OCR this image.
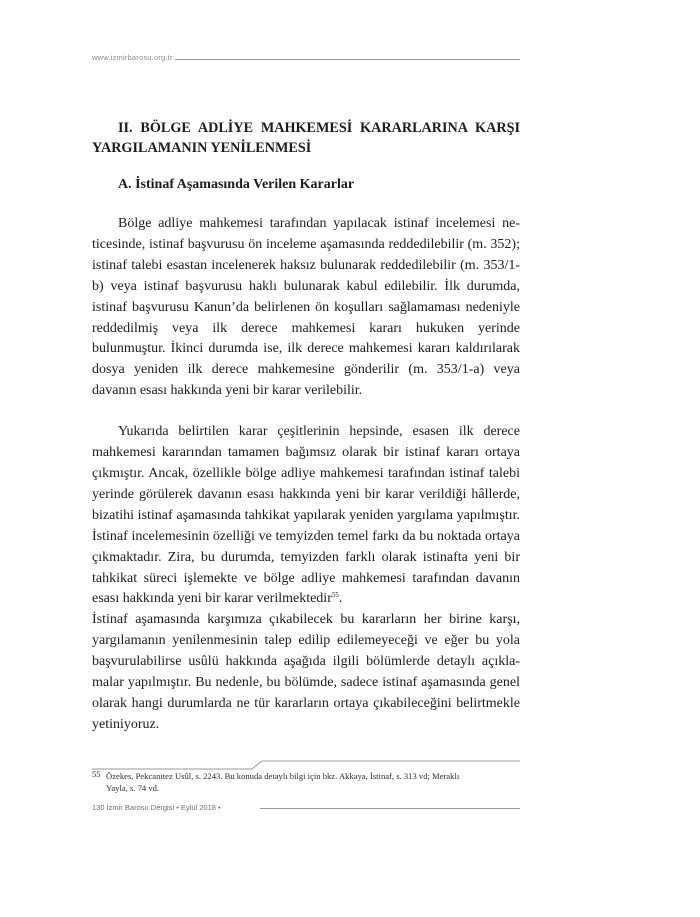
www.izmirbarosu.org.tr
II. BÖLGE ADLİYE MAHKEMESİ KARARLARINA KARŞI
YARGILAMANIN YENİLENMESİ
A. İstinaf Aşamasında Verilen Kararlar

Bölge adliye mahkemesi tarafından yapılacak istinaf incelemesi neticesinde, istinaf başvurusu ön inceleme aşamasında reddedilebilir (m. 352); istinaf talebi esastan incelenerek haksız bulunarak reddedilebilir (m. 353/1-b) veya istinaf başvurusu haklı bulunarak kabul edilebilir. İlk durumda, istinaf başvurusu Kanun’da belirlenen ön koşulları sağlamaması nedeniyle reddedilmiş veya ilk derece mahkemesi kararı hukuken yerinde bulunmuştur. İkinci durumda ise, ilk derece mahkemesi kararı kaldırılarak dosya yeniden ilk derece mahkemesine gönderilir (m. 353/1-a) veya davanın esası hakkında yeni bir karar verilebilir.

Yukarıda belirtilen karar çeşitlerinin hepsinde, esasen ilk derece mahkemesi kararından tamamen bağımsız olarak bir istinaf kararı ortaya çıkmıştır. Ancak, özellikle bölge adliye mahkemesi tarafından istinaf talebi yerinde görülerek davanın esası hakkında yeni bir karar verildiği hâllerde, bizatihi istinaf aşamasında tahkikat yapılarak yeniden yargılama yapılmıştır. İstinaf incelemesinin özelliği ve temyizden temel farkı da bu noktada ortaya çıkmaktadır. Zira, bu durumda, temyizden farklı olarak istinafta yeni bir tahkikat süreci işlemekte ve bölge adliye mahkemesi tarafından davanın esası hakkında yeni bir karar verilmektedir$^{55}$.

İstinaf aşamasında karşımıza çıkabilecek bu kararların her birine karşı, yargılamanın yenilenmesinin talep edilip edilemeyeceği ve eğer bu yola başvurulabilirse usûlü hakkında aşağıda ilgili bölümlerde detaylı açıklamalar yapılmıştır. Bu nedenle, bu bölümde, sadece istinaf aşamasında genel olarak hangi durumlarda ne tür kararların ortaya çıkabileceğini belirtmekle yetiniyoruz.

55 Özekes, Pekcanıtez Usûl, s. 2243. Bu konuda detaylı bilgi için bkz. Akkaya, İstinaf, s. 313 vd; Meraklı
Yayla, s. 74 vd.
130 İzmir Barosu Dergisi • Eylül 2018 •
